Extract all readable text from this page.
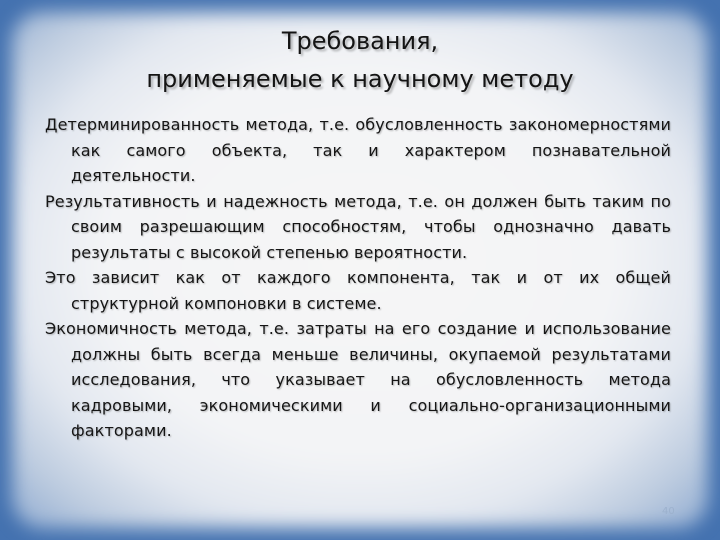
Требования,
применяемые к научному методу

Детерминированность метода, т.е. обусловленность закономерностями как самого объекта, так и характером познавательной деятельности.

Результативность и надежность метода, т.е. он должен быть таким по своим разрешающим способностям, чтобы однозначно давать результаты с высокой степенью вероятности.

Это зависит как от каждого компонента, так и от их общей структурной компоновки в системе.

Экономичность метода, т.е. затраты на его создание и использование должны быть всегда меньше величины, окупаемой результатами исследования, что указывает на обусловленность метода кадровыми, экономическими и социально-организационными факторами.

40
